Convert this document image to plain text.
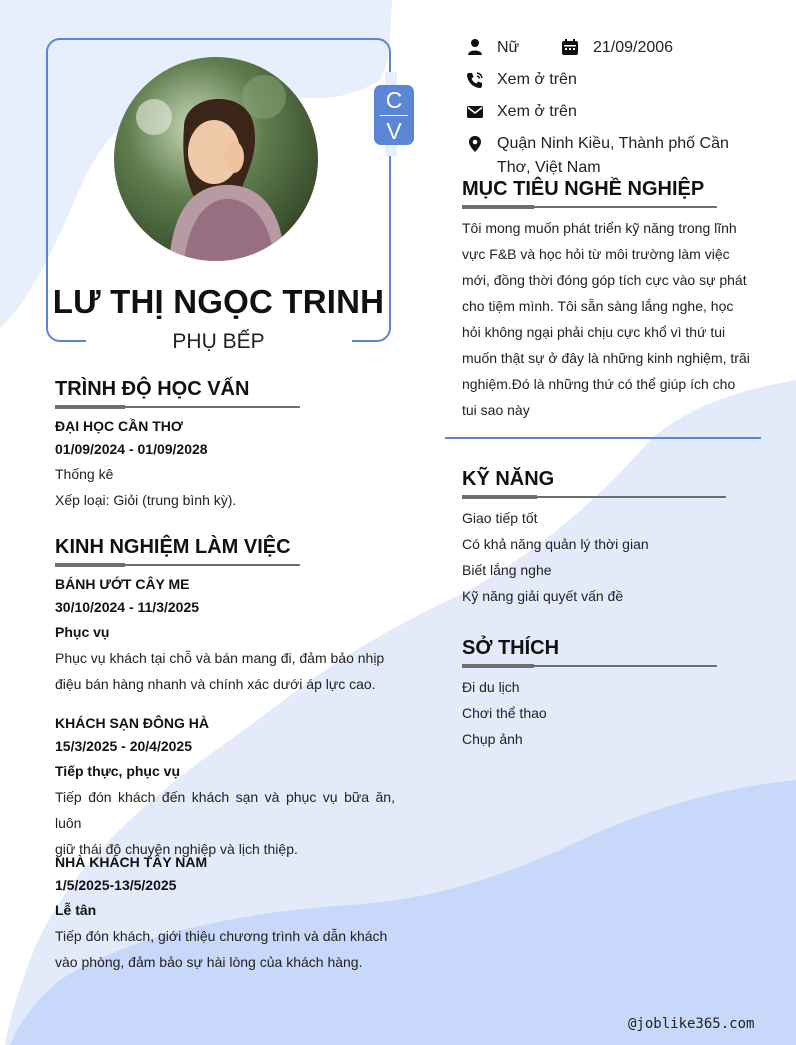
C
V
LƯ THỊ NGỌC TRINH
PHỤ BẾP
Nữ	21/09/2006
Xem ở trên
Xem ở trên
Quận Ninh Kiều, Thành phố Cần
Thơ, Việt Nam
MỤC TIÊU NGHỀ NGHIỆP
Tôi mong muốn phát triển kỹ năng trong lĩnh
vực F&B và học hỏi từ môi trường làm việc
mới, đồng thời đóng góp tích cực vào sự phát
cho tiệm mình. Tôi sẵn sàng lắng nghe, học
hỏi không ngại phải chịu cực khổ vì thứ tui
muốn thật sự ở đây là những kinh nghiệm, trãi
nghiệm.Đó là những thứ có thể giúp ích cho
tui sao này
KỸ NĂNG
Giao tiếp tốt
Có khả năng quản lý thời gian
Biết lắng nghe
Kỹ năng giải quyết vấn đề
SỞ THÍCH
Đi du lịch
Chơi thể thao
Chụp ảnh
TRÌNH ĐỘ HỌC VẤN
ĐẠI HỌC CẦN THƠ
01/09/2024 - 01/09/2028
Thống kê
Xếp loại: Giỏi (trung bình kỳ).
KINH NGHIỆM LÀM VIỆC
BÁNH ƯỚT CÂY ME
30/10/2024 - 11/3/2025
Phục vụ
Phục vụ khách tại chỗ và bán mang đi, đảm bảo nhịp
điệu bán hàng nhanh và chính xác dưới áp lực cao.
KHÁCH SẠN ĐÔNG HÀ
15/3/2025 - 20/4/2025
Tiếp thực, phục vụ
Tiếp đón khách đến khách sạn và phục vụ bữa ăn, luôn
giữ thái độ chuyên nghiệp và lịch thiệp.
NHÀ KHÁCH TÂY NAM
1/5/2025-13/5/2025
Lễ tân
Tiếp đón khách, giới thiệu chương trình và dẫn khách
vào phòng, đảm bảo sự hài lòng của khách hàng.
@joblike365.com
